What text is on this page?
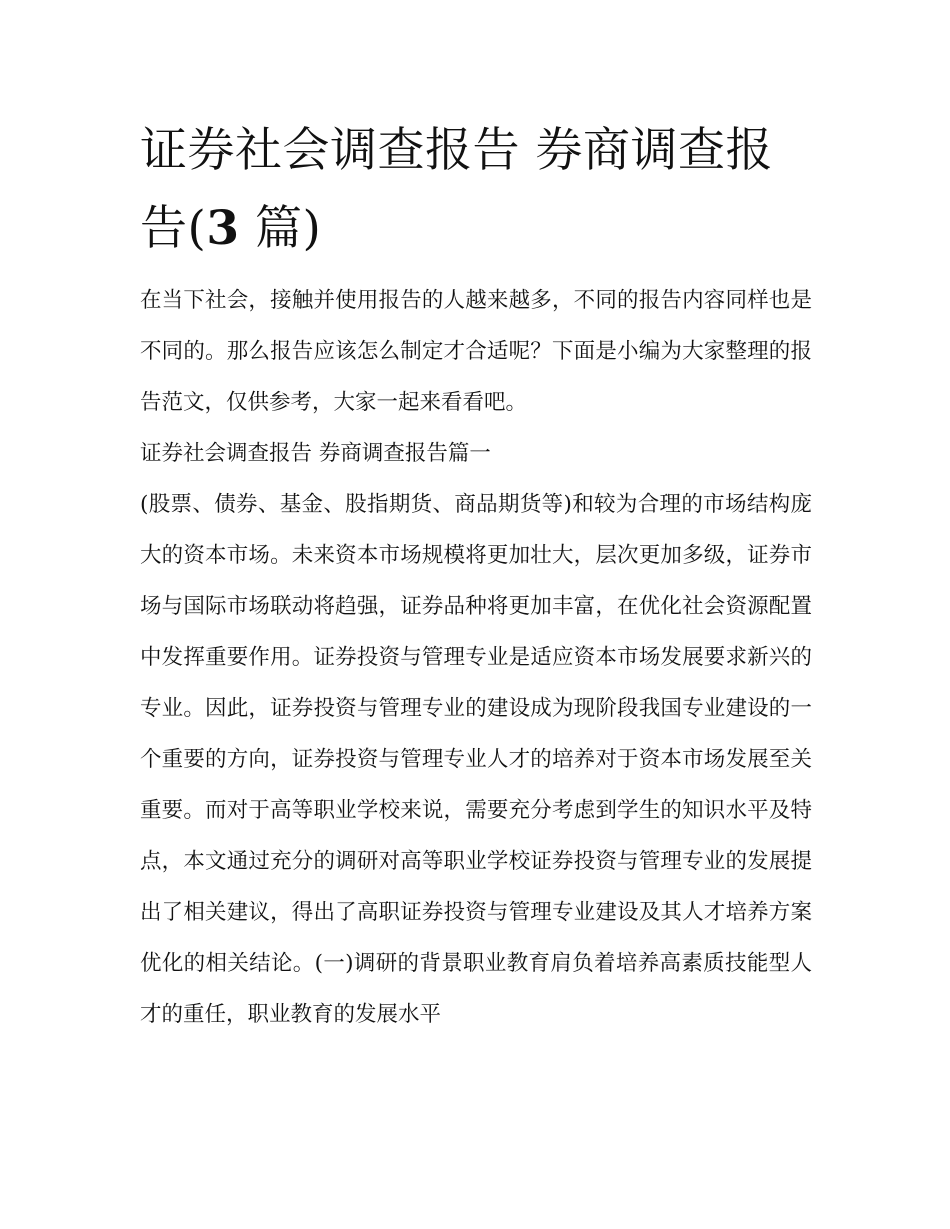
证券社会调查报告 券商调查报
告(3 篇)

在当下社会，接触并使用报告的人越来越多，不同的报告内容同样也是不同的。那么报告应该怎么制定才合适呢？下面是小编为大家整理的报告范文，仅供参考，大家一起来看看吧。

证券社会调查报告 券商调查报告篇一

(股票、债券、基金、股指期货、商品期货等)和较为合理的市场结构庞大的资本市场。未来资本市场规模将更加壮大，层次更加多级，证券市场与国际市场联动将趋强，证券品种将更加丰富，在优化社会资源配置中发挥重要作用。证券投资与管理专业是适应资本市场发展要求新兴的专业。因此，证券投资与管理专业的建设成为现阶段我国专业建设的一个重要的方向，证券投资与管理专业人才的培养对于资本市场发展至关重要。而对于高等职业学校来说，需要充分考虑到学生的知识水平及特点，本文通过充分的调研对高等职业学校证券投资与管理专业的发展提出了相关建议，得出了高职证券投资与管理专业建设及其人才培养方案优化的相关结论。(一)调研的背景职业教育肩负着培养高素质技能型人才的重任，职业教育的发展水平
